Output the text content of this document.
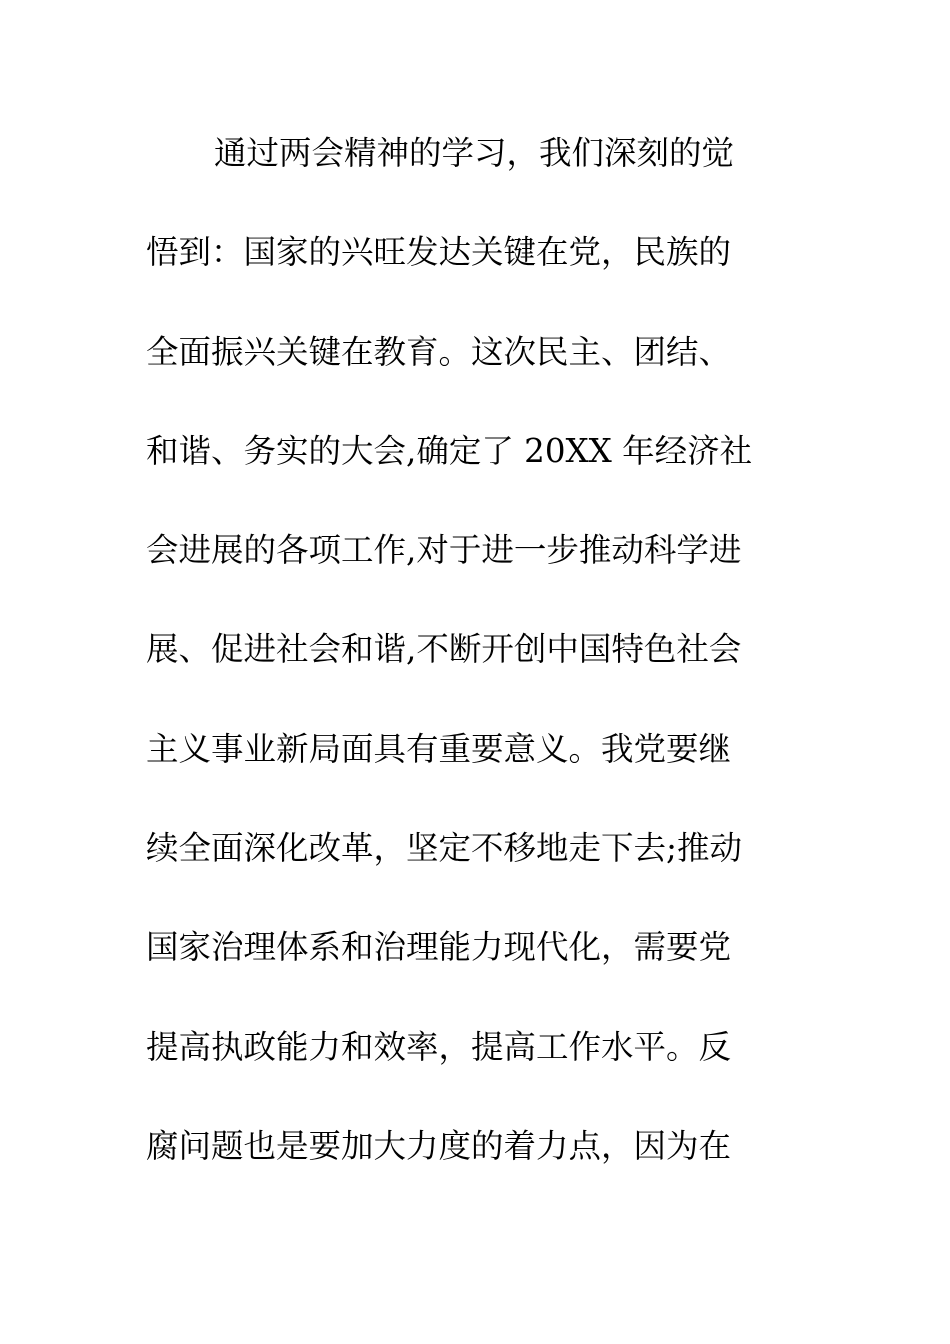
通过两会精神的学习，我们深刻的觉
悟到：国家的兴旺发达关键在党，民族的
全面振兴关键在教育。这次民主、团结、
和谐、务实的大会,确定了 20XX 年经济社
会进展的各项工作,对于进一步推动科学进
展、促进社会和谐,不断开创中国特色社会
主义事业新局面具有重要意义。我党要继
续全面深化改革，坚定不移地走下去;推动
国家治理体系和治理能力现代化，需要党
提高执政能力和效率，提高工作水平。反
腐问题也是要加大力度的着力点，因为在
